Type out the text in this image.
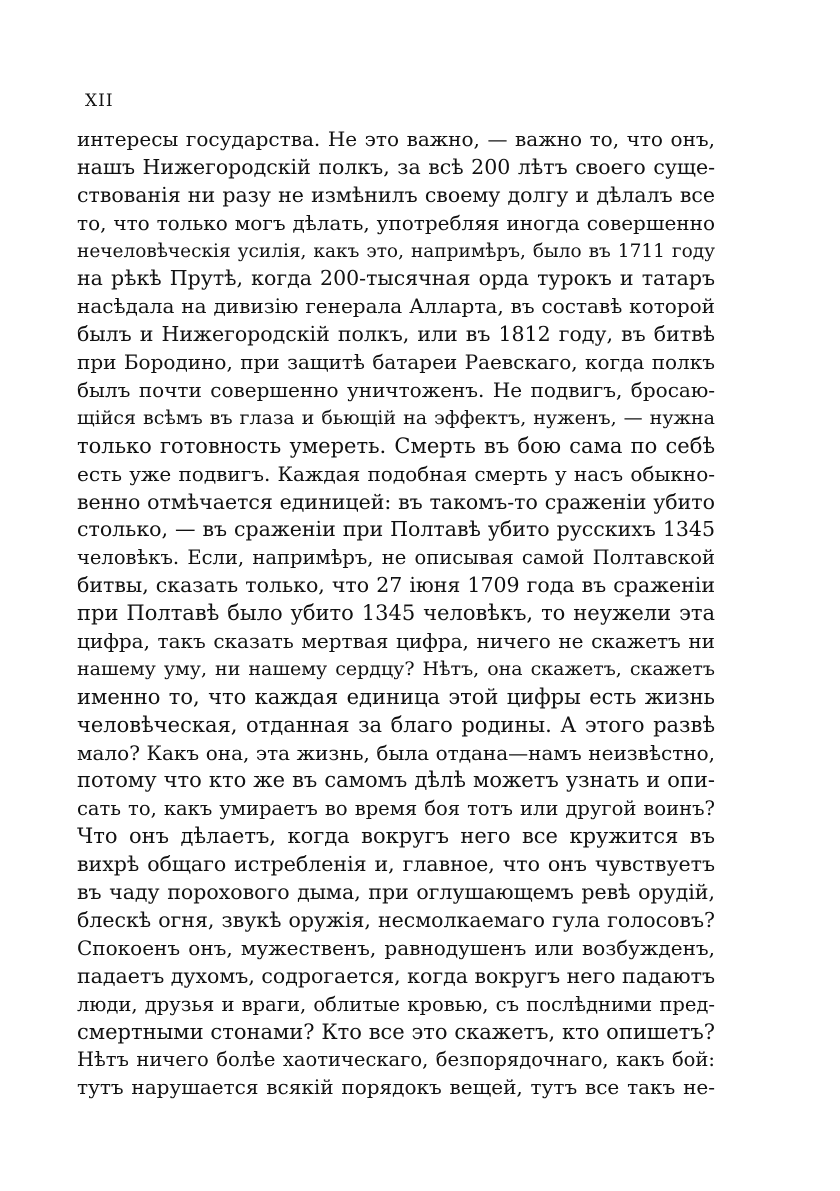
XII
интересы государства. Не это важно, — важно то, что онъ,
нашъ Нижегородскій полкъ, за всѣ 200 лѣтъ своего суще-
ствованія ни разу не измѣнилъ своему долгу и дѣлалъ все
то, что только могъ дѣлать, употребляя иногда совершенно
нечеловѣческія усилія, какъ это, напримѣръ, было въ 1711 году
на рѣкѣ Прутѣ, когда 200-тысячная орда турокъ и татаръ
насѣдала на дивизію генерала Аллартa, въ составѣ которой
былъ и Нижегородскій полкъ, или въ 1812 году, въ битвѣ
при Бородино, при защитѣ батареи Раевскаго, когда полкъ
былъ почти совершенно уничтоженъ. Не подвигъ, бросаю-
щійся всѣмъ въ глаза и бьющій на эффектъ, нуженъ, — нужна
только готовность умереть. Смерть въ бою сама по себѣ
есть уже подвигъ. Каждая подобная смерть у насъ обыкно-
венно отмѣчается единицей: въ такомъ-то сраженіи убито
столько, — въ сраженіи при Полтавѣ убито русскихъ 1345
человѣкъ. Если, напримѣръ, не описывая самой Полтавской
битвы, сказать только, что 27 іюня 1709 года въ сраженіи
при Полтавѣ было убито 1345 человѣкъ, то неужели эта
цифра, такъ сказать мертвая цифра, ничего не скажетъ ни
нашему уму, ни нашему сердцу? Нѣтъ, она скажетъ, скажетъ
именно то, что каждая единица этой цифры есть жизнь
человѣческая, отданная за благо родины. А этого развѣ
мало? Какъ она, эта жизнь, была отдана—намъ неизвѣстно,
потому что кто же въ самомъ дѣлѣ можетъ узнать и опи-
сать то, какъ умираетъ во время боя тотъ или другой воинъ?
Что онъ дѣлаетъ, когда вокругъ него все кружится въ
вихрѣ общаго истребленія и, главное, что онъ чувствуетъ
въ чаду порохового дыма, при оглушающемъ ревѣ орудій,
блескѣ огня, звукѣ оружія, несмолкаемаго гула голосовъ?
Спокоенъ онъ, мужественъ, равнодушенъ или возбужденъ,
падаетъ духомъ, содрогается, когда вокругъ него падаютъ
люди, друзья и враги, облитые кровью, съ послѣдними пред-
смертными стонами? Кто все это скажетъ, кто опишетъ?
Нѣтъ ничего болѣе хаотическаго, безпорядочнаго, какъ бой:
тутъ нарушается всякій порядокъ вещей, тутъ все такъ не-
